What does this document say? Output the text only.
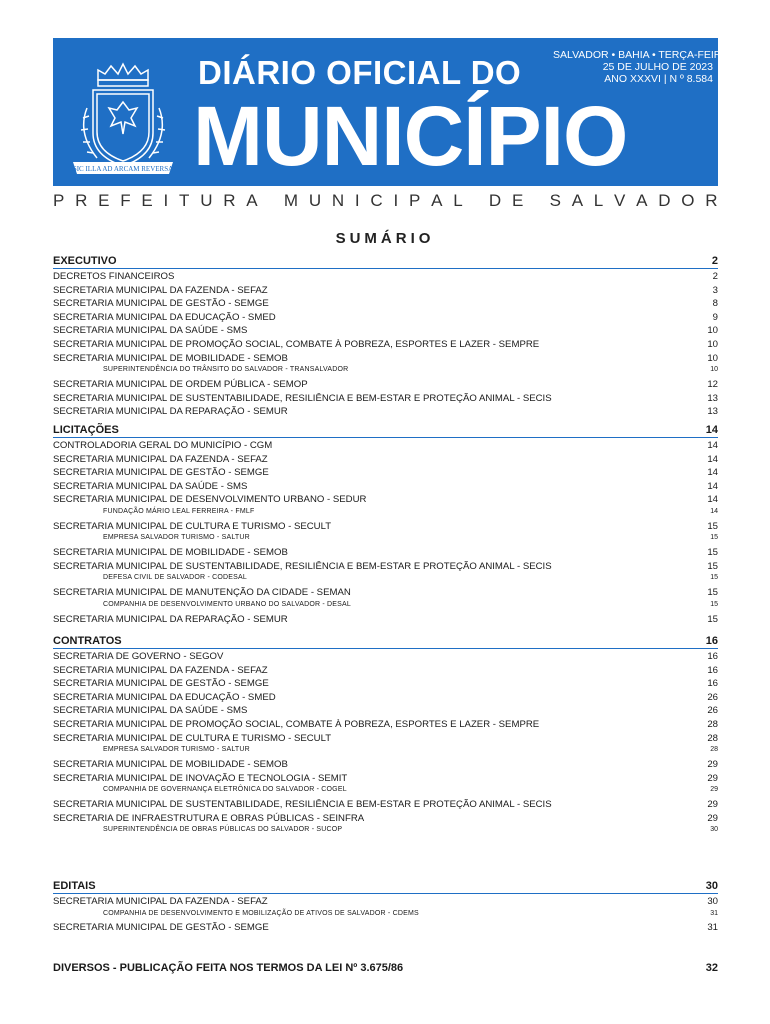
SIC ILLA AD ARCAM REVERSA
DIÁRIO OFICIAL DO
MUNICÍPIO
SALVADOR • BAHIA • TERÇA-FEIRA,
25 DE JULHO DE 2023
ANO XXXVI | N º 8.584
P R E F E I T U R A
M U N I C I P A L
D E
S A L V A D O R
SUMÁRIO
EXECUTIVO	2
DECRETOS FINANCEIROS	2
SECRETARIA MUNICIPAL DA FAZENDA - SEFAZ	3
SECRETARIA MUNICIPAL DE GESTÃO - SEMGE	8
SECRETARIA MUNICIPAL DA EDUCAÇÃO - SMED	9
SECRETARIA MUNICIPAL DA SAÚDE - SMS	10
SECRETARIA MUNICIPAL DE PROMOÇÃO SOCIAL, COMBATE À POBREZA, ESPORTES E LAZER - SEMPRE	10
SECRETARIA MUNICIPAL DE MOBILIDADE - SEMOB	10
SUPERINTENDÊNCIA DO TRÂNSITO DO SALVADOR - TRANSALVADOR	10
SECRETARIA MUNICIPAL DE ORDEM PÚBLICA - SEMOP	12
SECRETARIA MUNICIPAL DE SUSTENTABILIDADE, RESILIÊNCIA E BEM-ESTAR E PROTEÇÃO ANIMAL - SECIS	13
SECRETARIA MUNICIPAL DA REPARAÇÃO - SEMUR	13
LICITAÇÕES	14
CONTROLADORIA GERAL DO MUNICÍPIO - CGM	14
SECRETARIA MUNICIPAL DA FAZENDA - SEFAZ	14
SECRETARIA MUNICIPAL DE GESTÃO - SEMGE	14
SECRETARIA MUNICIPAL DA SAÚDE - SMS	14
SECRETARIA MUNICIPAL DE DESENVOLVIMENTO URBANO - SEDUR	14
FUNDAÇÃO MÁRIO LEAL FERREIRA - FMLF	14
SECRETARIA MUNICIPAL DE CULTURA E TURISMO - SECULT	15
EMPRESA SALVADOR TURISMO - SALTUR	15
SECRETARIA MUNICIPAL DE MOBILIDADE - SEMOB	15
SECRETARIA MUNICIPAL DE SUSTENTABILIDADE, RESILIÊNCIA E BEM-ESTAR E PROTEÇÃO ANIMAL - SECIS	15
DEFESA CIVIL DE SALVADOR - CODESAL	15
SECRETARIA MUNICIPAL DE MANUTENÇÃO DA CIDADE - SEMAN	15
COMPANHIA DE DESENVOLVIMENTO URBANO DO SALVADOR - DESAL	15
SECRETARIA MUNICIPAL DA REPARAÇÃO - SEMUR	15
CONTRATOS	16
SECRETARIA DE GOVERNO - SEGOV	16
SECRETARIA MUNICIPAL DA FAZENDA - SEFAZ	16
SECRETARIA MUNICIPAL DE GESTÃO - SEMGE	16
SECRETARIA MUNICIPAL DA EDUCAÇÃO - SMED	26
SECRETARIA MUNICIPAL DA SAÚDE - SMS	26
SECRETARIA MUNICIPAL DE PROMOÇÃO SOCIAL, COMBATE À POBREZA, ESPORTES E LAZER - SEMPRE	28
SECRETARIA MUNICIPAL DE CULTURA E TURISMO - SECULT	28
EMPRESA SALVADOR TURISMO - SALTUR	28
SECRETARIA MUNICIPAL DE MOBILIDADE - SEMOB	29
SECRETARIA MUNICIPAL DE INOVAÇÃO E TECNOLOGIA - SEMIT	29
COMPANHIA DE GOVERNANÇA ELETRÔNICA DO SALVADOR - COGEL	29
SECRETARIA MUNICIPAL DE SUSTENTABILIDADE, RESILIÊNCIA E BEM-ESTAR E PROTEÇÃO ANIMAL - SECIS	29
SECRETARIA DE INFRAESTRUTURA E OBRAS PÚBLICAS - SEINFRA	29
SUPERINTENDÊNCIA DE OBRAS PÚBLICAS DO SALVADOR - SUCOP	30
EDITAIS	30
SECRETARIA MUNICIPAL DA FAZENDA - SEFAZ	30
COMPANHIA DE DESENVOLVIMENTO E MOBILIZAÇÃO DE ATIVOS DE SALVADOR - CDEMS	31
SECRETARIA MUNICIPAL DE GESTÃO - SEMGE	31
DIVERSOS - PUBLICAÇÃO FEITA NOS TERMOS DA LEI Nº 3.675/86	32
